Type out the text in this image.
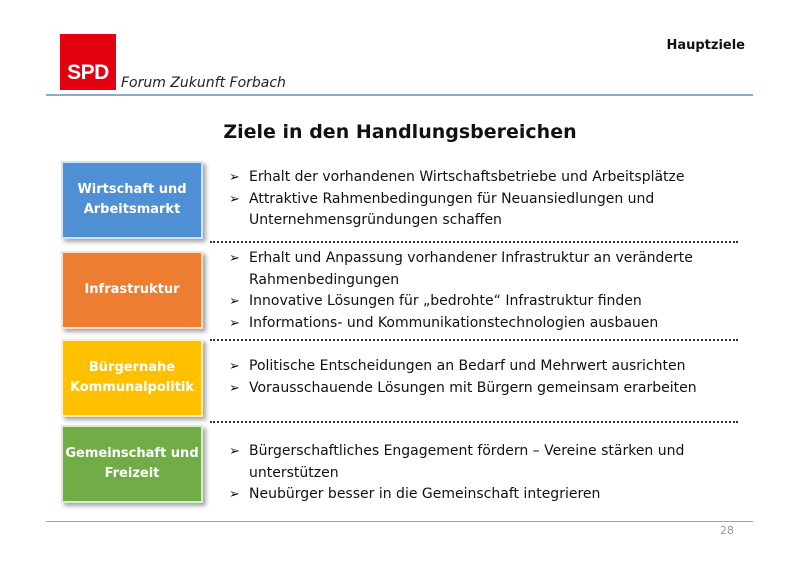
SPD Forum Zukunft Forbach
Hauptziele
Ziele in den Handlungsbereichen
Wirtschaft und
Arbeitsmarkt
Infrastruktur
Bürgernahe
Kommunalpolitik
Gemeinschaft und
Freizeit
➢ Erhalt der vorhandenen Wirtschaftsbetriebe und Arbeitsplätze
➢ Attraktive Rahmenbedingungen für Neuansiedlungen und Unternehmensgründungen schaffen
➢ Erhalt und Anpassung vorhandener Infrastruktur an veränderte Rahmenbedingungen
➢ Innovative Lösungen für „bedrohte“ Infrastruktur finden
➢ Informations- und Kommunikationstechnologien ausbauen
➢ Politische Entscheidungen an Bedarf und Mehrwert ausrichten
➢ Vorausschauende Lösungen mit Bürgern gemeinsam erarbeiten
➢ Bürgerschaftliches Engagement fördern – Vereine stärken und unterstützen
➢ Neubürger besser in die Gemeinschaft integrieren
28
